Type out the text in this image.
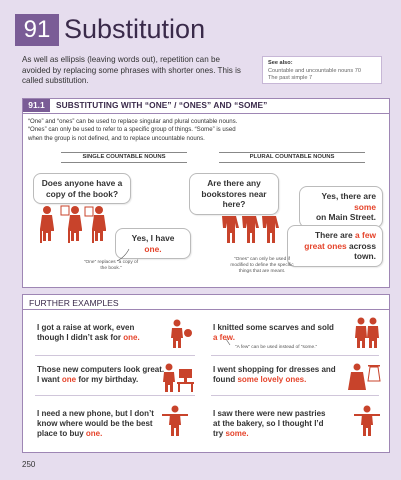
91 Substitution
As well as ellipsis (leaving words out), repetition can be avoided by replacing some phrases with shorter ones. This is called substitution.
See also:
Countable and uncountable nouns 70
The past simple 7
91.1	SUBSTITUTING WITH “ONE” / “ONES” AND “SOME”
“One” and “ones” can be used to replace singular and plural countable nouns.
“Ones” can only be used to refer to a specific group of things. “Some” is used
when the group is not defined, and to replace uncountable nouns.
SINGLE COUNTABLE NOUNS	PLURAL COUNTABLE NOUNS
Does anyone have a copy of the book?
Yes, I have one.
“One” replaces “a copy of the book.”
Are there any bookstores near here?
Yes, there are some
on Main Street.
There are a few great ones across town.
“Ones” can only be used if modified to define the specific things that are meant.
FURTHER EXAMPLES
I got a raise at work, even
though I didn’t ask for one.
I knitted some scarves and sold
a few.
“A few” can be used instead of “some.”
Those new computers look great.
I want one for my birthday.
I went shopping for dresses and
found some lovely ones.
I need a new phone, but I don’t
know where would be the best
place to buy one.
I saw there were new pastries
at the bakery, so I thought I’d
try some.
250
